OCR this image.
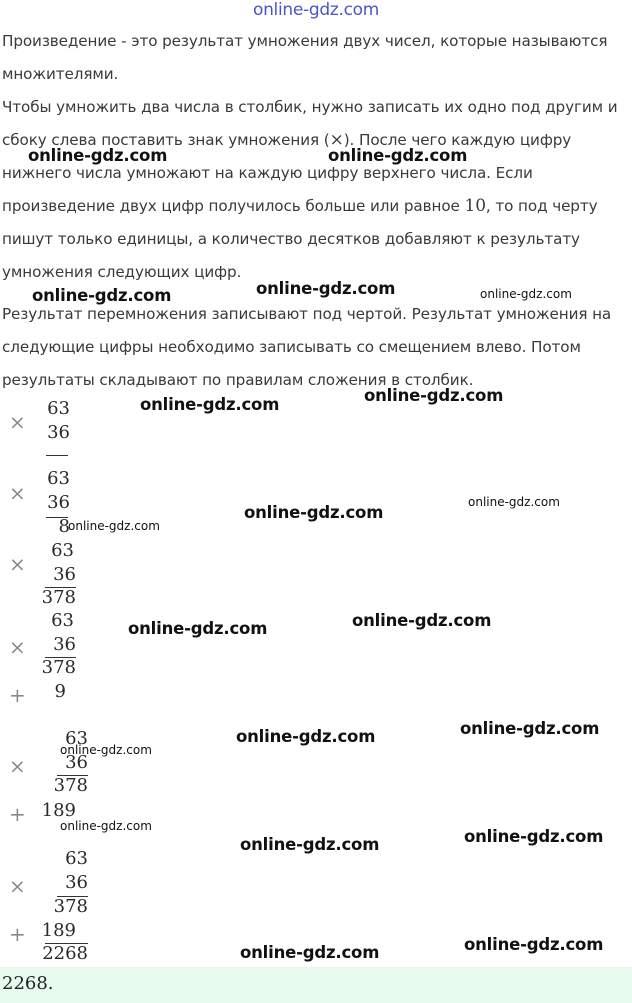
online-gdz.com
Произведение - это результат умножения двух чисел, которые называются
множителями.
Чтобы умножить два числа в столбик, нужно записать их одно под другим и
сбоку слева поставить знак умножения (×). После чего каждую цифру
нижнего числа умножают на каждую цифру верхнего числа. Если
произведение двух цифр получилось больше или равное 10, то под черту
пишут только единицы, а количество десятков добавляют к результату
умножения следующих цифр.
Результат перемножения записывают под чертой. Результат умножения на
следующие цифры необходимо записывать со смещением влево. Потом
результаты складывают по правилам сложения в столбик.
×
63
36
×
63
36
8
×
63
36
378
×
63
36
378
+	9
×
63
36
378
+ 189
×
63
36
378
+ 189
2268
2268.
online-gdz.com	online-gdz.com
online-gdz.com	online-gdz.com	online-gdz.com
online-gdz.com	online-gdz.com
online-gdz.com
online-gdz.com
online-gdz.com
online-gdz.com	online-gdz.com
online-gdz.com	online-gdz.com
online-gdz.com
online-gdz.com
online-gdz.com	online-gdz.com
online-gdz.com	online-gdz.com
